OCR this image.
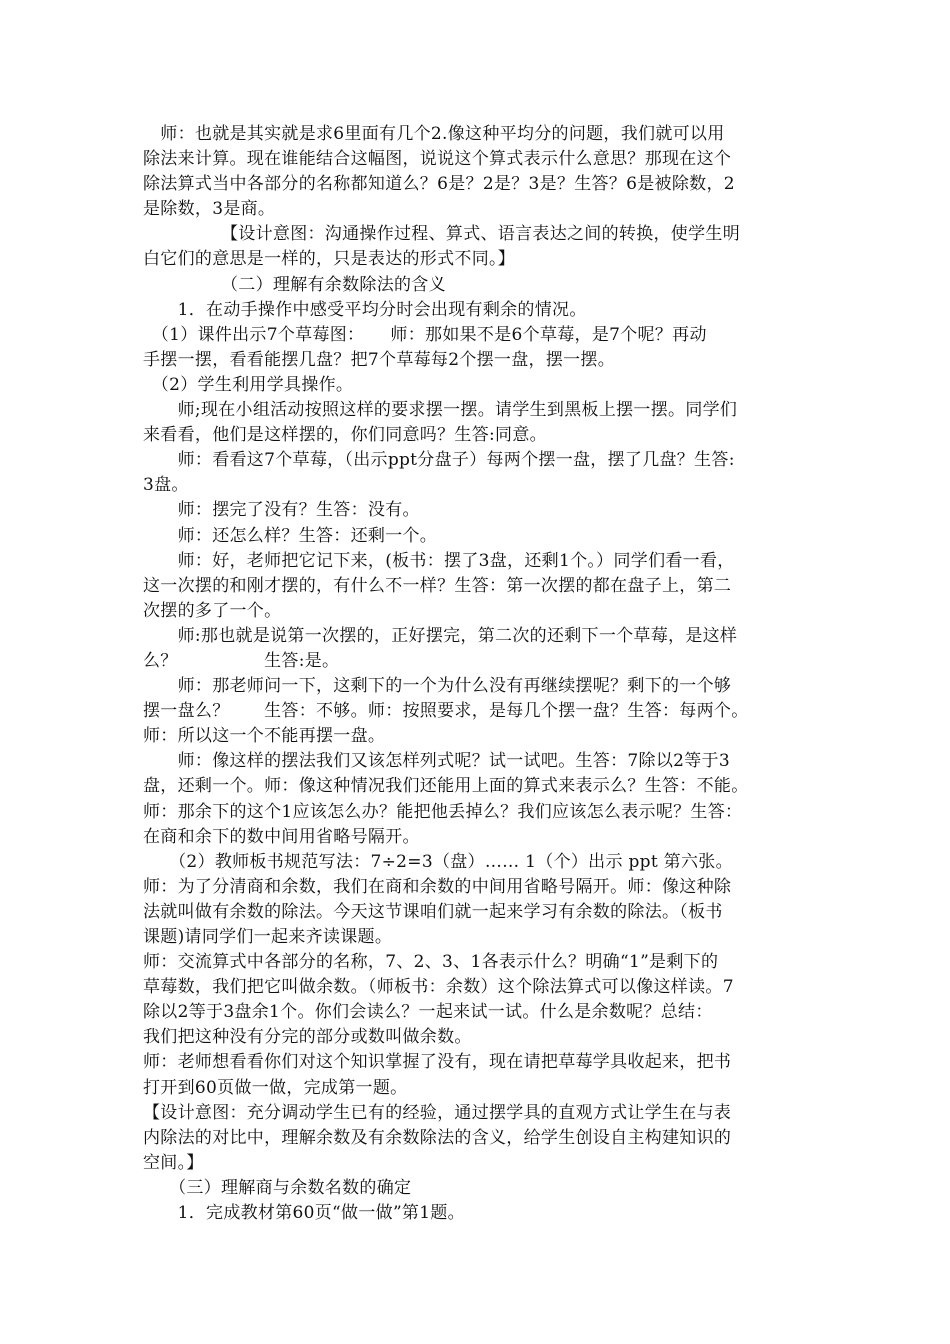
　师：也就是其实就是求6里面有几个2.像这种平均分的问题，我们就可以用
除法来计算。现在谁能结合这幅图，说说这个算式表示什么意思？那现在这个
除法算式当中各部分的名称都知道么？6是？2是？3是？生答？6是被除数，2
是除数，3是商。
　　　　　【设计意图：沟通操作过程、算式、语言表达之间的转换，使学生明
白它们的意思是一样的，只是表达的形式不同。】
　　　　　（二）理解有余数除法的含义
　　1．在动手操作中感受平均分时会出现有剩余的情况。
　（1）课件出示7个草莓图：　　师：那如果不是6个草莓，是7个呢？再动
手摆一摆，看看能摆几盘？把7个草莓每2个摆一盘，摆一摆。
　（2）学生利用学具操作。
　　师;现在小组活动按照这样的要求摆一摆。请学生到黑板上摆一摆。同学们
来看看，他们是这样摆的，你们同意吗？生答:同意。
　　师：看看这7个草莓，（出示ppt分盘子）每两个摆一盘，摆了几盘？生答:
3盘。
　　师：摆完了没有？生答：没有。
　　师：还怎么样？生答：还剩一个。
　　师：好，老师把它记下来，(板书：摆了3盘，还剩1个。）同学们看一看，
这一次摆的和刚才摆的，有什么不一样？生答：第一次摆的都在盘子上，第二
次摆的多了一个。
　　师:那也就是说第一次摆的，正好摆完，第二次的还剩下一个草莓，是这样
么？　　　　　生答:是。
　　师：那老师问一下，这剩下的一个为什么没有再继续摆呢？剩下的一个够
摆一盘么？　　生答：不够。师：按照要求，是每几个摆一盘？生答：每两个。
师：所以这一个不能再摆一盘。
　　师：像这样的摆法我们又该怎样列式呢？试一试吧。生答：7除以2等于3
盘，还剩一个。师：像这种情况我们还能用上面的算式来表示么？生答：不能。
师：那余下的这个1应该怎么办？能把他丢掉么？我们应该怎么表示呢？生答：
在商和余下的数中间用省略号隔开。
　　（2）教师板书规范写法：7÷2=3（盘）…… 1（个）出示 ppt 第六张。
师：为了分清商和余数，我们在商和余数的中间用省略号隔开。师：像这种除
法就叫做有余数的除法。今天这节课咱们就一起来学习有余数的除法。（板书
课题)请同学们一起来齐读课题。
师：交流算式中各部分的名称，7、2、3、1各表示什么？明确“1”是剩下的
草莓数，我们把它叫做余数。（师板书：余数）这个除法算式可以像这样读。7
除以2等于3盘余1个。你们会读么？一起来试一试。什么是余数呢？总结：
我们把这种没有分完的部分或数叫做余数。
师：老师想看看你们对这个知识掌握了没有，现在请把草莓学具收起来，把书
打开到60页做一做，完成第一题。
【设计意图：充分调动学生已有的经验，通过摆学具的直观方式让学生在与表
内除法的对比中，理解余数及有余数除法的含义，给学生创设自主构建知识的
空间。】
　　（三）理解商与余数名数的确定
　　1．完成教材第60页“做一做”第1题。
